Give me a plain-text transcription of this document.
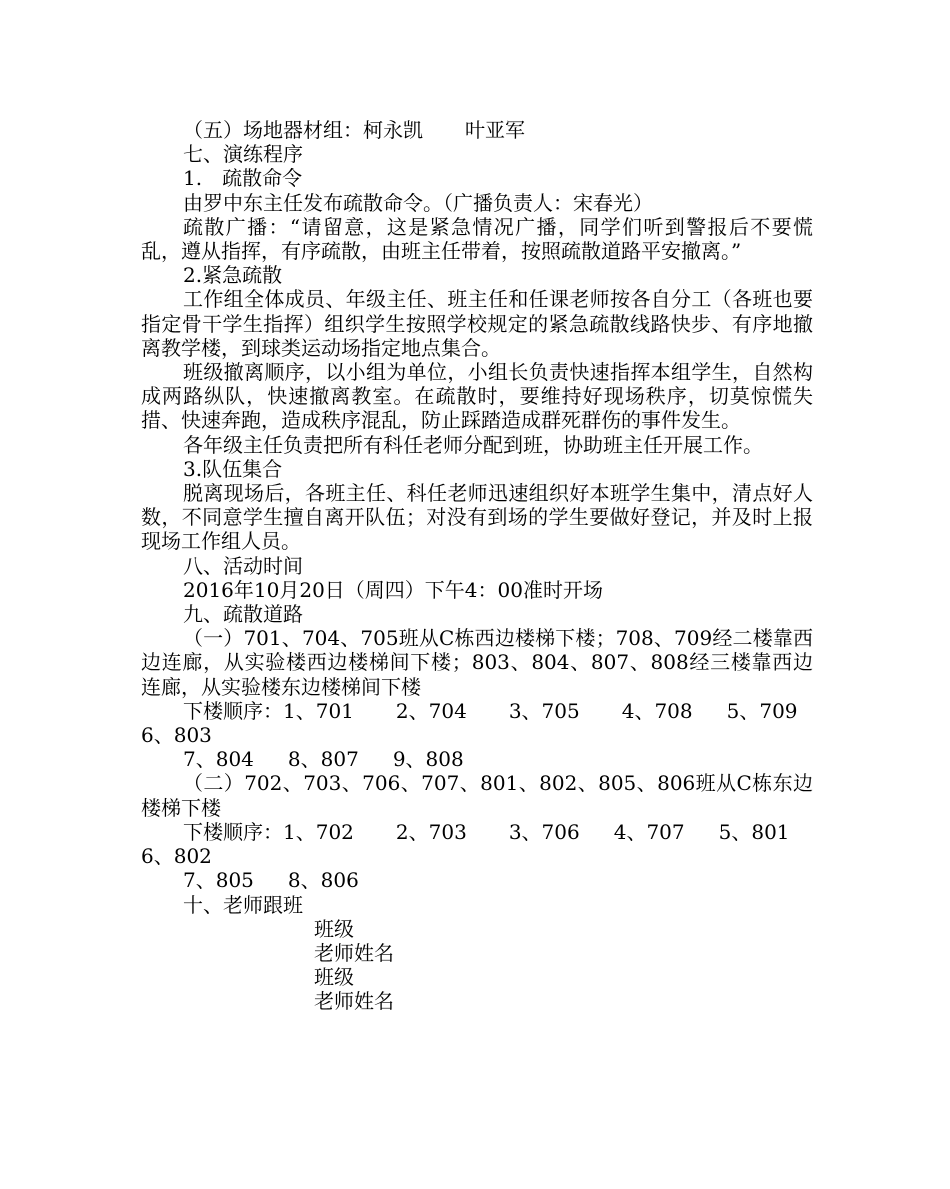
（五）场地器材组：柯永凯 叶亚军

七、演练程序

1.　疏散命令

由罗中东主任发布疏散命令。（广播负责人：宋春光）

疏散广播：“请留意，这是紧急情况广播，同学们听到警报后不要慌乱，遵从指挥，有序疏散，由班主任带着，按照疏散道路平安撤离。”

2.紧急疏散

工作组全体成员、年级主任、班主任和任课老师按各自分工（各班也要指定骨干学生指挥）组织学生按照学校规定的紧急疏散线路快步、有序地撤离教学楼，到球类运动场指定地点集合。

班级撤离顺序，以小组为单位，小组长负责快速指挥本组学生，自然构成两路纵队，快速撤离教室。在疏散时，要维持好现场秩序，切莫惊慌失措、快速奔跑，造成秩序混乱，防止踩踏造成群死群伤的事件发生。

各年级主任负责把所有科任老师分配到班，协助班主任开展工作。

3.队伍集合

脱离现场后，各班主任、科任老师迅速组织好本班学生集中，清点好人数，不同意学生擅自离开队伍；对没有到场的学生要做好登记，并及时上报现场工作组人员。

八、活动时间

2016年10月20日（周四）下午4：00准时开场

九、疏散道路

（一）701、704、705班从C栋西边楼梯下楼；708、709经二楼靠西边连廊，从实验楼西边楼梯间下楼；803、804、807、808经三楼靠西边连廊，从实验楼东边楼梯间下楼

下楼顺序：1、701 2、704 3、705 4、708 5、709

6、803

7、804 8、807 9、808

（二）702、703、706、707、801、802、805、806班从C栋东边楼梯下楼

下楼顺序：1、702 2、703 3、706 4、707 5、801

6、802

7、805 8、806

十、老师跟班

班级

老师姓名

班级

老师姓名
